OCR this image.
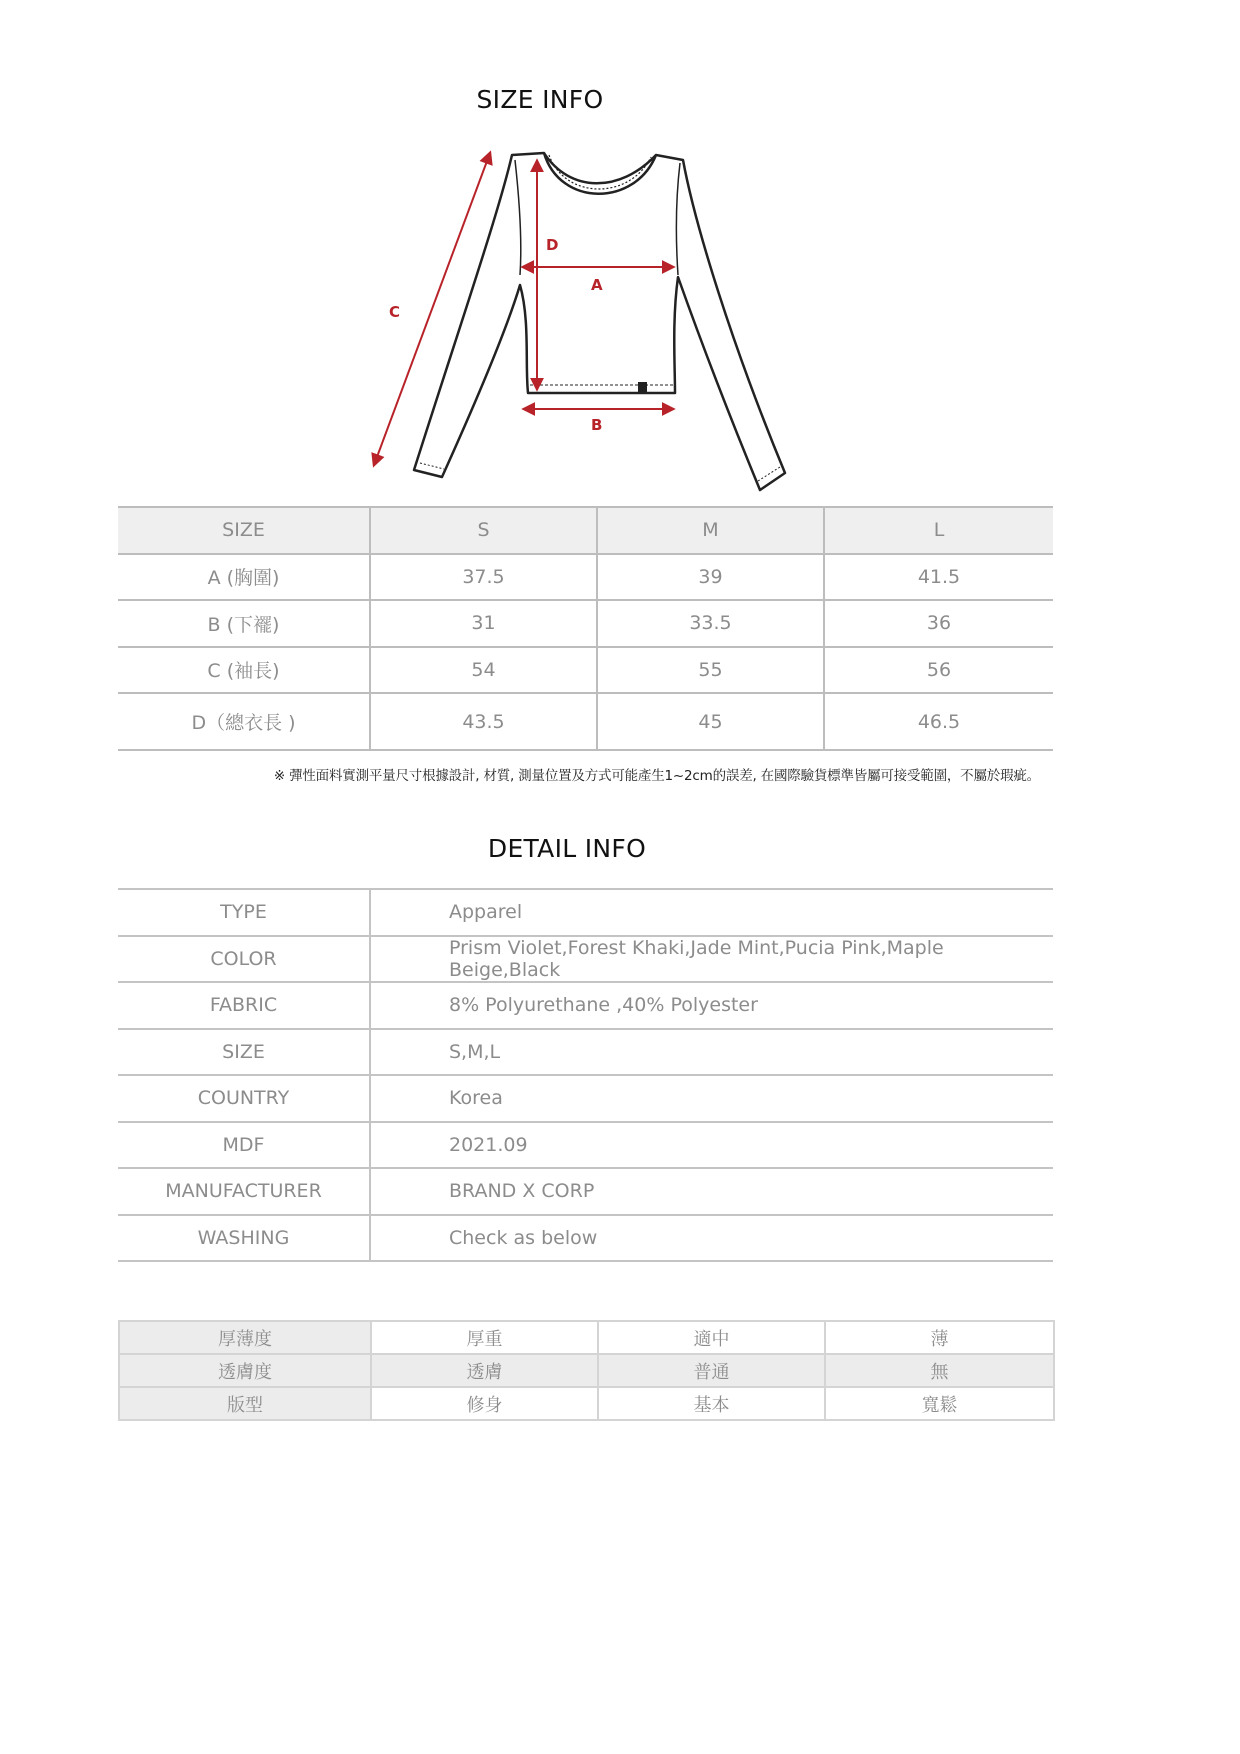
SIZE INFO
C
D
A
B
SIZE	S	M	L
A (胸圍)	37.5	39	41.5
B (下襬)	31	33.5	36
C (袖長)	54	55	56
D（總衣長 )	43.5	45	46.5
※ 彈性面料實測平量尺寸根據設計, 材質, 測量位置及方式可能產生1~2cm的誤差, 在國際驗貨標準皆屬可接受範圍，不屬於瑕疵。
DETAIL INFO
TYPE	Apparel
COLOR	Prism Violet,Forest Khaki,Jade Mint,Pucia Pink,Maple Beige,Black
FABRIC	8% Polyurethane ,40% Polyester
SIZE	S,M,L
COUNTRY	Korea
MDF	2021.09
MANUFACTURER	BRAND X CORP
WASHING	Check as below
厚薄度	厚重	適中	薄
透膚度	透膚	普通	無
版型	修身	基本	寬鬆
